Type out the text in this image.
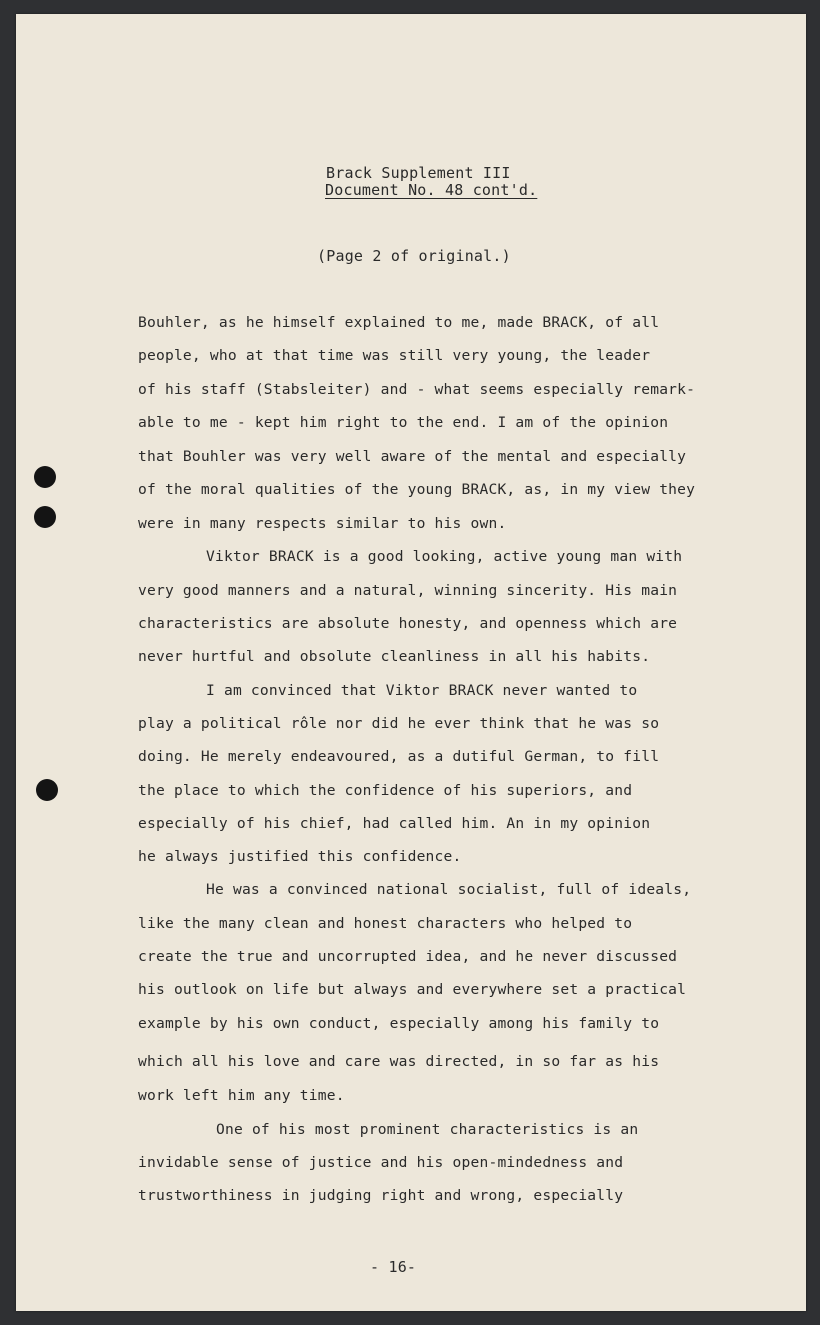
Brack Supplement III
Document No. 48 cont'd.
(Page 2 of original.)
Bouhler, as he himself explained to me, made BRACK, of all
people, who at that time was still very young, the leader
of his staff (Stabsleiter) and - what seems especially remark-
able to me - kept him right to the end. I am of the opinion
that Bouhler was very well aware of the mental and especially
of the moral qualities of the young BRACK, as, in my view they
were in many respects similar to his own.
Viktor BRACK is a good looking, active young man with
very good manners and a natural, winning sincerity. His main
characteristics are absolute honesty, and openness which are
never hurtful and obsolute cleanliness in all his habits.
I am convinced that Viktor BRACK never wanted to
play a political rôle nor did he ever think that he was so
doing. He merely endeavoured, as a dutiful German, to fill
the place to which the confidence of his superiors, and
especially of his chief, had called him. An in my opinion
he always justified this confidence.
He was a convinced national socialist, full of ideals,
like the many clean and honest characters who helped to
create the true and uncorrupted idea, and he never discussed
his outlook on life but always and everywhere set a practical
example by his own conduct, especially among his family to
which all his love and care was directed, in so far as his
work left him any time.
One of his most prominent characteristics is an
invidable sense of justice and his open-mindedness and
trustworthiness in judging right and wrong, especially
- 16-
